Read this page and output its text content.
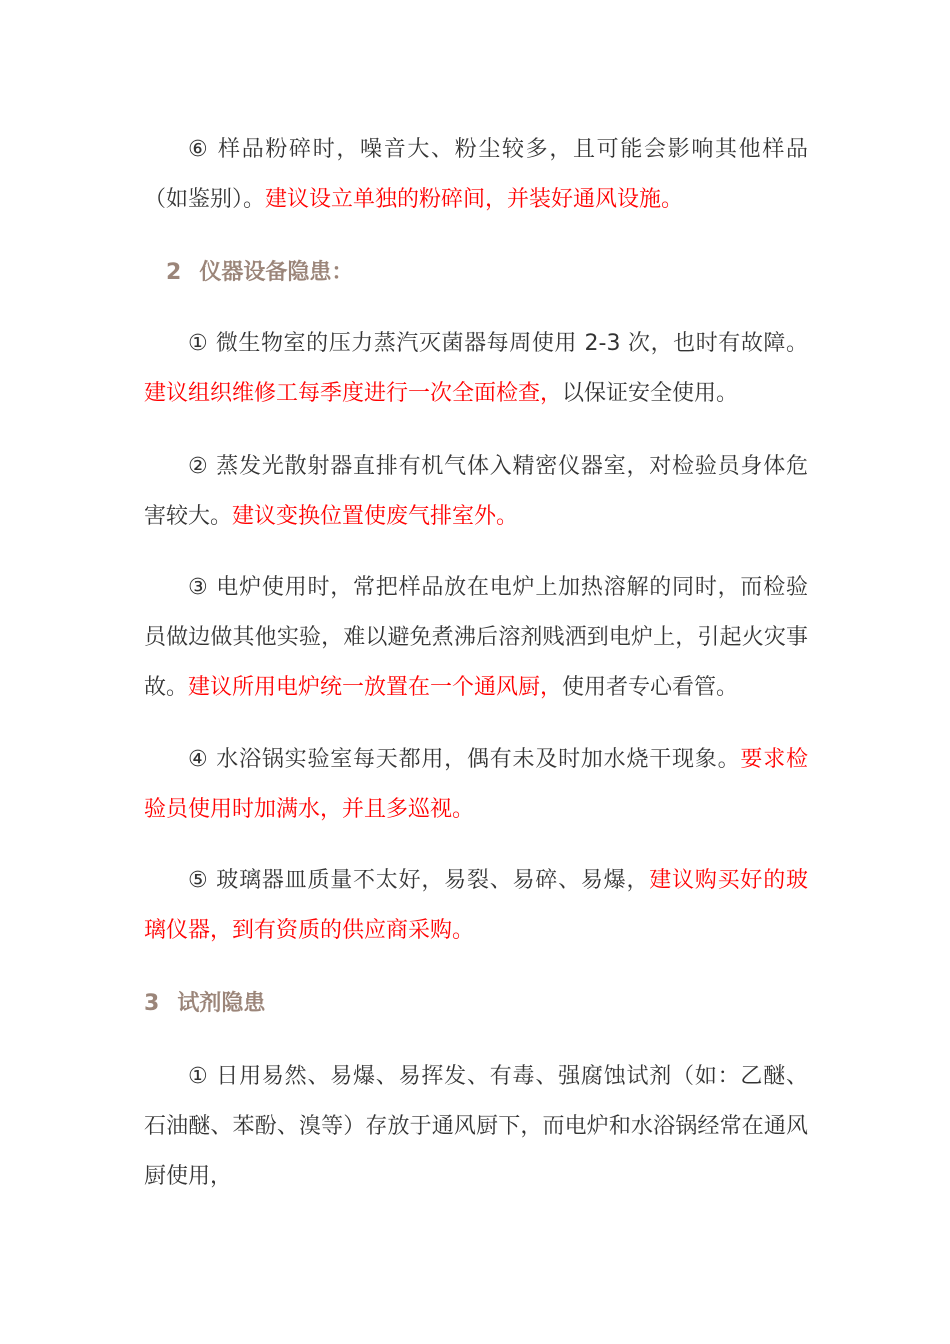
⑥ 样品粉碎时，噪音大、粉尘较多，且可能会影响其他样品（如鉴别）。建议设立单独的粉碎间，并装好通风设施。

2 仪器设备隐患：

① 微生物室的压力蒸汽灭菌器每周使用 2-3 次，也时有故障。建议组织维修工每季度进行一次全面检查，以保证安全使用。

② 蒸发光散射器直排有机气体入精密仪器室，对检验员身体危害较大。建议变换位置使废气排室外。

③ 电炉使用时，常把样品放在电炉上加热溶解的同时，而检验员做边做其他实验，难以避免煮沸后溶剂贱洒到电炉上，引起火灾事故。建议所用电炉统一放置在一个通风厨，使用者专心看管。

④ 水浴锅实验室每天都用，偶有未及时加水烧干现象。要求检验员使用时加满水，并且多巡视。

⑤ 玻璃器皿质量不太好，易裂、易碎、易爆，建议购买好的玻璃仪器，到有资质的供应商采购。

3 试剂隐患

① 日用易然、易爆、易挥发、有毒、强腐蚀试剂（如：乙醚、石油醚、苯酚、溴等）存放于通风厨下，而电炉和水浴锅经常在通风厨使用，
